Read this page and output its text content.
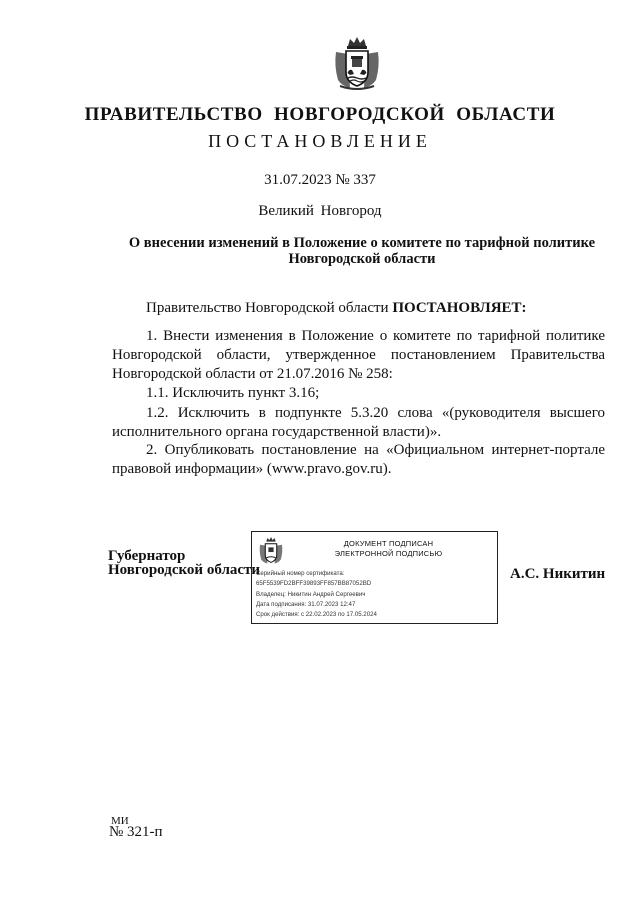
ПРАВИТЕЛЬСТВО НОВГОРОДСКОЙ ОБЛАСТИ
ПОСТАНОВЛЕНИЕ
31.07.2023 № 337
Великий Новгород
О внесении изменений в Положение о комитете по тарифной политике Новгородской области
Правительство Новгородской области ПОСТАНОВЛЯЕТ:
1. Внести изменения в Положение о комитете по тарифной политике Новгородской области, утвержденное постановлением Правительства Новгородской области от 21.07.2016 № 258:
1.1. Исключить пункт 3.16;
1.2. Исключить в подпункте 5.3.20 слова «(руководителя высшего исполнительного органа государственной власти)».
2. Опубликовать постановление на «Официальном интернет-портале правовой информации» (www.pravo.gov.ru).
Губернатор
Новгородской области
ДОКУМЕНТ ПОДПИСАН
ЭЛЕКТРОННОЙ ПОДПИСЬЮ
Серийный номер сертификата:
65F5539FD2BFF39893FF857BB87052BD
Владелец: Никитин Андрей Сергеевич
Дата подписания: 31.07.2023 12:47
Срок действия: с 22.02.2023 по 17.05.2024
А.С. Никитин
МИ
№ 321-п
